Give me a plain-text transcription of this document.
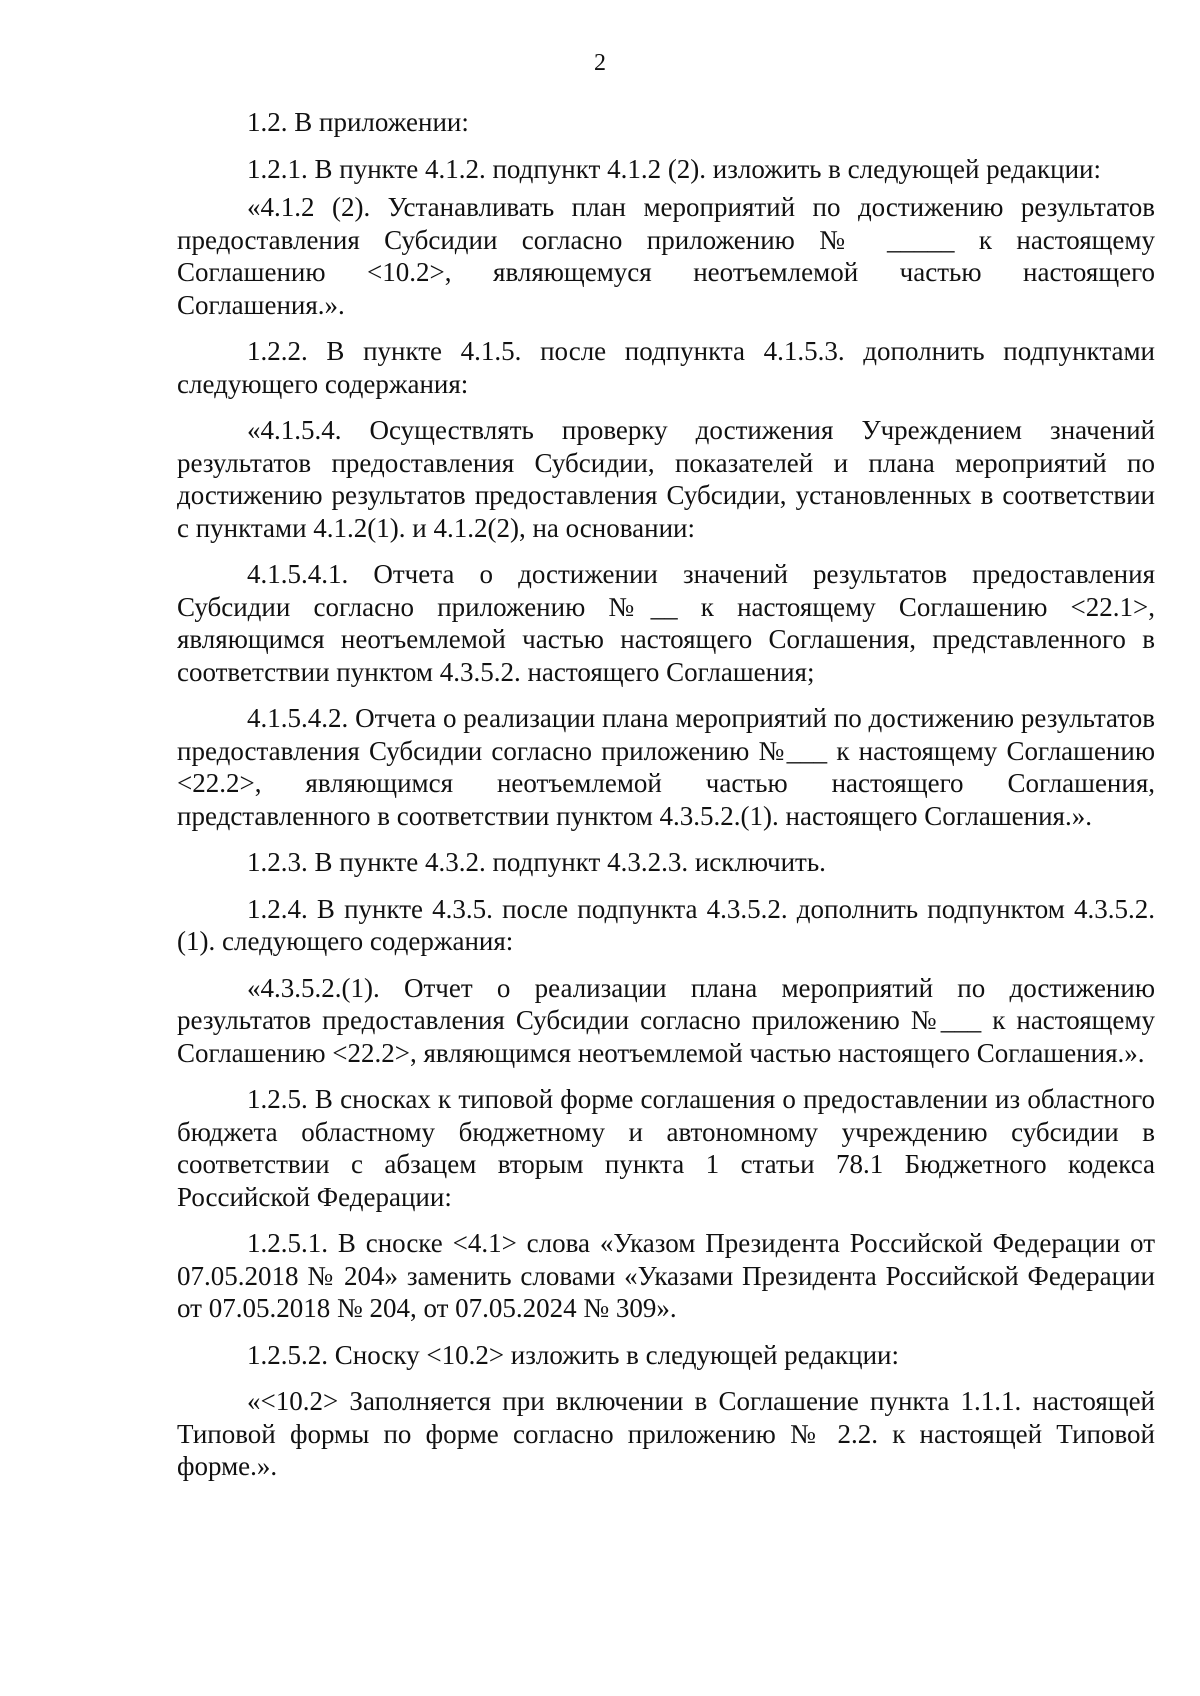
2

1.2. В приложении:

1.2.1. В пункте 4.1.2. подпункт 4.1.2 (2). изложить в следующей редакции:

«4.1.2 (2). Устанавливать план мероприятий по достижению результатов предоставления Субсидии согласно приложению № _____ к настоящему Соглашению <10.2>, являющемуся неотъемлемой частью настоящего Соглашения.».

1.2.2. В пункте 4.1.5. после подпункта 4.1.5.3. дополнить подпунктами следующего содержания:

«4.1.5.4. Осуществлять проверку достижения Учреждением значений результатов предоставления Субсидии, показателей и плана мероприятий по достижению результатов предоставления Субсидии, установленных в соответствии с пунктами 4.1.2(1). и 4.1.2(2), на основании:

4.1.5.4.1. Отчета о достижении значений результатов предоставления Субсидии согласно приложению №__ к настоящему Соглашению <22.1>, являющимся неотъемлемой частью настоящего Соглашения, представленного в соответствии пунктом 4.3.5.2. настоящего Соглашения;

4.1.5.4.2. Отчета о реализации плана мероприятий по достижению результатов предоставления Субсидии согласно приложению №___ к настоящему Соглашению <22.2>, являющимся неотъемлемой частью настоящего Соглашения, представленного в соответствии пунктом 4.3.5.2.(1). настоящего Соглашения.».

1.2.3. В пункте 4.3.2. подпункт 4.3.2.3. исключить.

1.2.4. В пункте 4.3.5. после подпункта 4.3.5.2. дополнить подпунктом 4.3.5.2.(1). следующего содержания:

«4.3.5.2.(1). Отчет о реализации плана мероприятий по достижению результатов предоставления Субсидии согласно приложению №___ к настоящему Соглашению <22.2>, являющимся неотъемлемой частью настоящего Соглашения.».

1.2.5. В сносках к типовой форме соглашения о предоставлении из областного бюджета областному бюджетному и автономному учреждению субсидии в соответствии с абзацем вторым пункта 1 статьи 78.1 Бюджетного кодекса Российской Федерации:

1.2.5.1. В сноске <4.1> слова «Указом Президента Российской Федерации от 07.05.2018 № 204» заменить словами «Указами Президента Российской Федерации от 07.05.2018 № 204, от 07.05.2024 № 309».

1.2.5.2. Сноску <10.2> изложить в следующей редакции:

«<10.2> Заполняется при включении в Соглашение пункта 1.1.1. настоящей Типовой формы по форме согласно приложению № 2.2. к настоящей Типовой форме.».
